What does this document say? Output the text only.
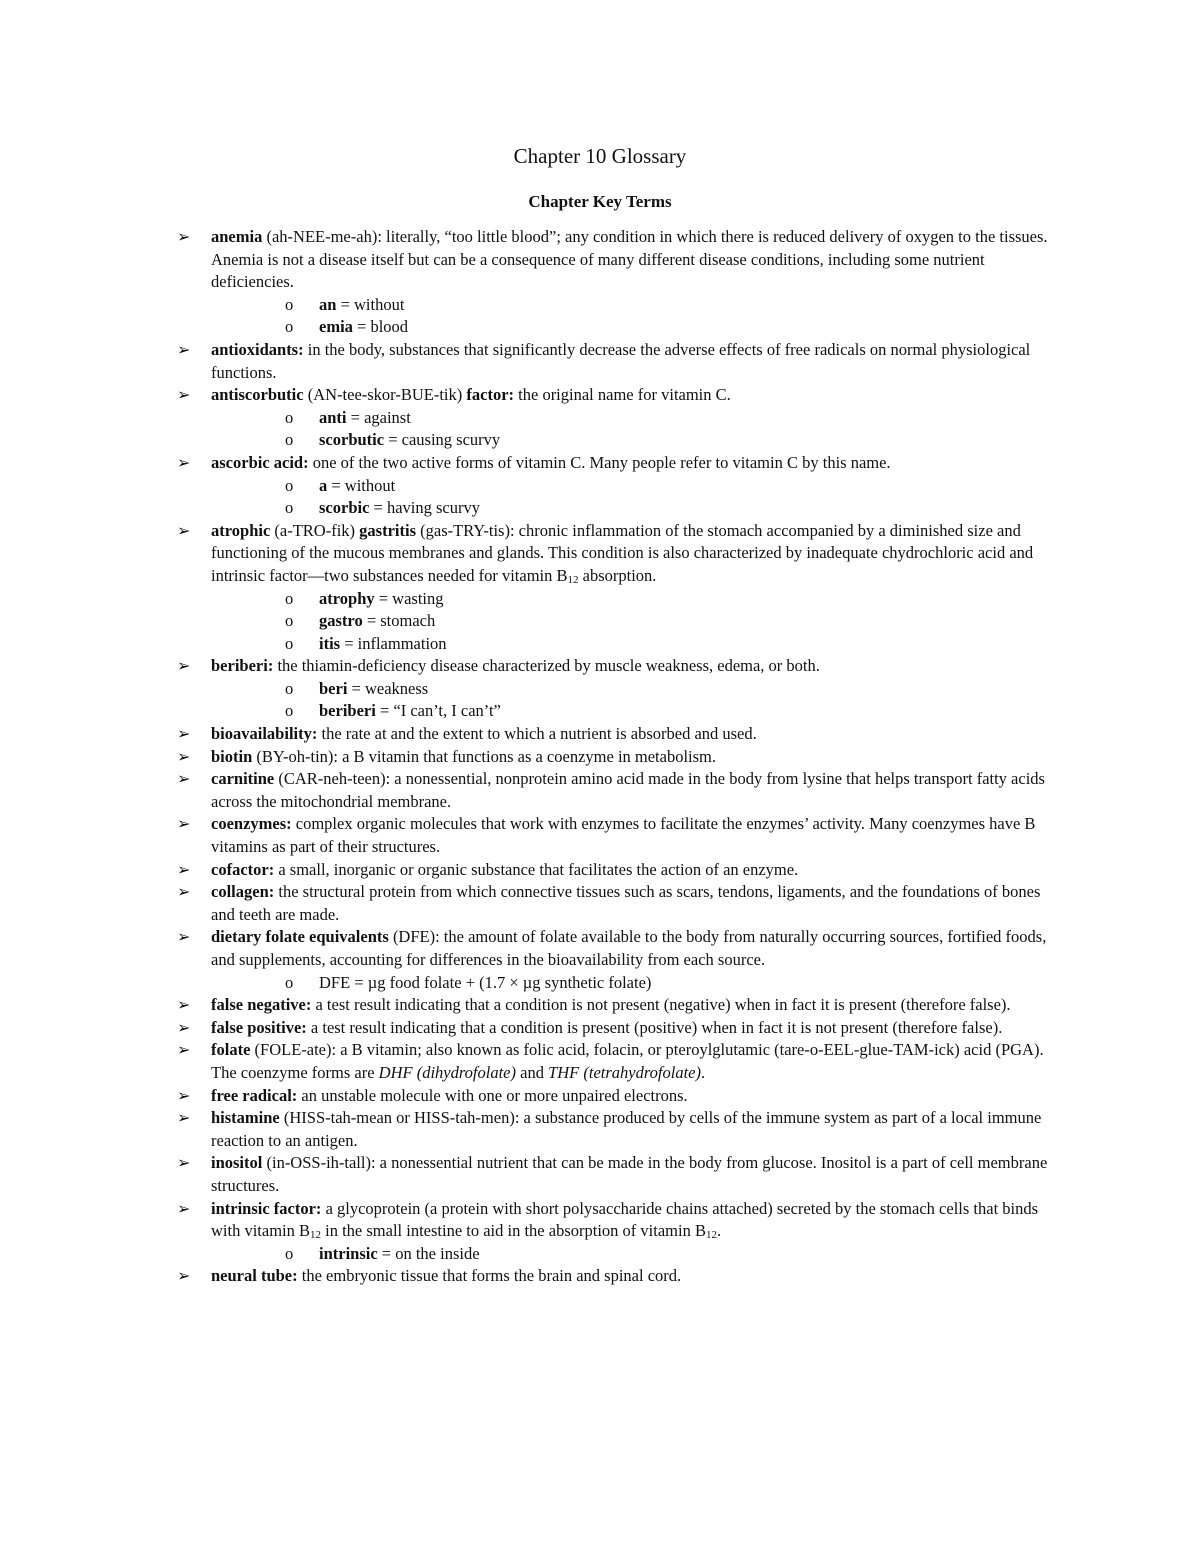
Chapter 10 Glossary
Chapter Key Terms
➢ anemia (ah-NEE-me-ah): literally, “too little blood”; any condition in which there is reduced delivery of oxygen to the tissues. Anemia is not a disease itself but can be a consequence of many different disease conditions, including some nutrient deficiencies.
o an = without
o emia = blood
➢ antioxidants: in the body, substances that significantly decrease the adverse effects of free radicals on normal physiological functions.
➢ antiscorbutic (AN-tee-skor-BUE-tik) factor: the original name for vitamin C.
o anti = against
o scorbutic = causing scurvy
➢ ascorbic acid: one of the two active forms of vitamin C. Many people refer to vitamin C by this name.
o a = without
o scorbic = having scurvy
➢ atrophic (a-TRO-fik) gastritis (gas-TRY-tis): chronic inflammation of the stomach accompanied by a diminished size and functioning of the mucous membranes and glands. This condition is also characterized by inadequate chydrochloric acid and intrinsic factor—two substances needed for vitamin $B_{12}$ absorption.
o atrophy = wasting
o gastro = stomach
o itis = inflammation
➢ beriberi: the thiamin-deficiency disease characterized by muscle weakness, edema, or both.
o beri = weakness
o beriberi = “I can’t, I can’t”
➢ bioavailability: the rate at and the extent to which a nutrient is absorbed and used.
➢ biotin (BY-oh-tin): a B vitamin that functions as a coenzyme in metabolism.
➢ carnitine (CAR-neh-teen): a nonessential, nonprotein amino acid made in the body from lysine that helps transport fatty acids across the mitochondrial membrane.
➢ coenzymes: complex organic molecules that work with enzymes to facilitate the enzymes’ activity. Many coenzymes have B vitamins as part of their structures.
➢ cofactor: a small, inorganic or organic substance that facilitates the action of an enzyme.
➢ collagen: the structural protein from which connective tissues such as scars, tendons, ligaments, and the foundations of bones and teeth are made.
➢ dietary folate equivalents (DFE): the amount of folate available to the body from naturally occurring sources, fortified foods, and supplements, accounting for differences in the bioavailability from each source.
o DFE = µg food folate + (1.7 × µg synthetic folate)
➢ false negative: a test result indicating that a condition is not present (negative) when in fact it is present (therefore false).
➢ false positive: a test result indicating that a condition is present (positive) when in fact it is not present (therefore false).
➢ folate (FOLE-ate): a B vitamin; also known as folic acid, folacin, or pteroylglutamic (tare-o-EEL-glue-TAM-ick) acid (PGA). The coenzyme forms are DHF (dihydrofolate) and THF (tetrahydrofolate).
➢ free radical: an unstable molecule with one or more unpaired electrons.
➢ histamine (HISS-tah-mean or HISS-tah-men): a substance produced by cells of the immune system as part of a local immune reaction to an antigen.
➢ inositol (in-OSS-ih-tall): a nonessential nutrient that can be made in the body from glucose. Inositol is a part of cell membrane structures.
➢ intrinsic factor: a glycoprotein (a protein with short polysaccharide chains attached) secreted by the stomach cells that binds with vitamin $B_{12}$ in the small intestine to aid in the absorption of vitamin $B_{12}$.
o intrinsic = on the inside
➢ neural tube: the embryonic tissue that forms the brain and spinal cord.
